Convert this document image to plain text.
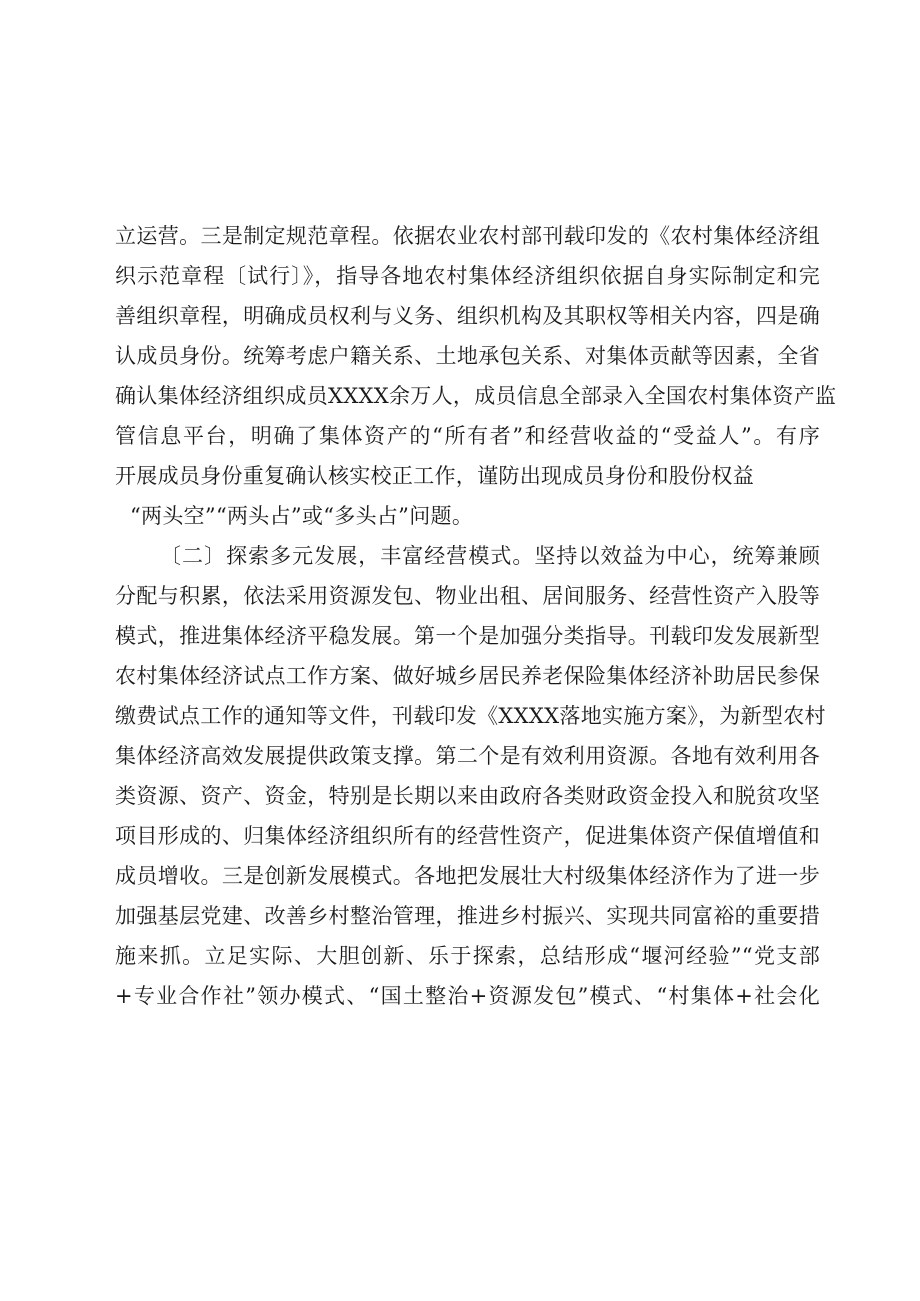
立运营。三是制定规范章程。依据农业农村部刊载印发的《农村集体经济组
织示范章程〔试行〕》，指导各地农村集体经济组织依据自身实际制定和完
善组织章程，明确成员权利与义务、组织机构及其职权等相关内容，四是确
认成员身份。统筹考虑户籍关系、土地承包关系、对集体贡献等因素，全省
确认集体经济组织成员XXXX余万人，成员信息全部录入全国农村集体资产监
管信息平台，明确了集体资产的“所有者”和经营收益的“受益人”。有序
开展成员身份重复确认核实校正工作，谨防出现成员身份和股份权益
“两头空”“两头占”或“多头占”问题。
〔二〕探索多元发展，丰富经营模式。坚持以效益为中心，统筹兼顾
分配与积累，依法采用资源发包、物业出租、居间服务、经营性资产入股等
模式，推进集体经济平稳发展。第一个是加强分类指导。刊载印发发展新型
农村集体经济试点工作方案、做好城乡居民养老保险集体经济补助居民参保
缴费试点工作的通知等文件，刊载印发《XXXX落地实施方案》，为新型农村
集体经济高效发展提供政策支撑。第二个是有效利用资源。各地有效利用各
类资源、资产、资金，特别是长期以来由政府各类财政资金投入和脱贫攻坚
项目形成的、归集体经济组织所有的经营性资产，促进集体资产保值增值和
成员增收。三是创新发展模式。各地把发展壮大村级集体经济作为了进一步
加强基层党建、改善乡村整治管理，推进乡村振兴、实现共同富裕的重要措
施来抓。立足实际、大胆创新、乐于探索，总结形成“堰河经验”“党支部
+专业合作社”领办模式、“国土整治+资源发包”模式、“村集体+社会化
